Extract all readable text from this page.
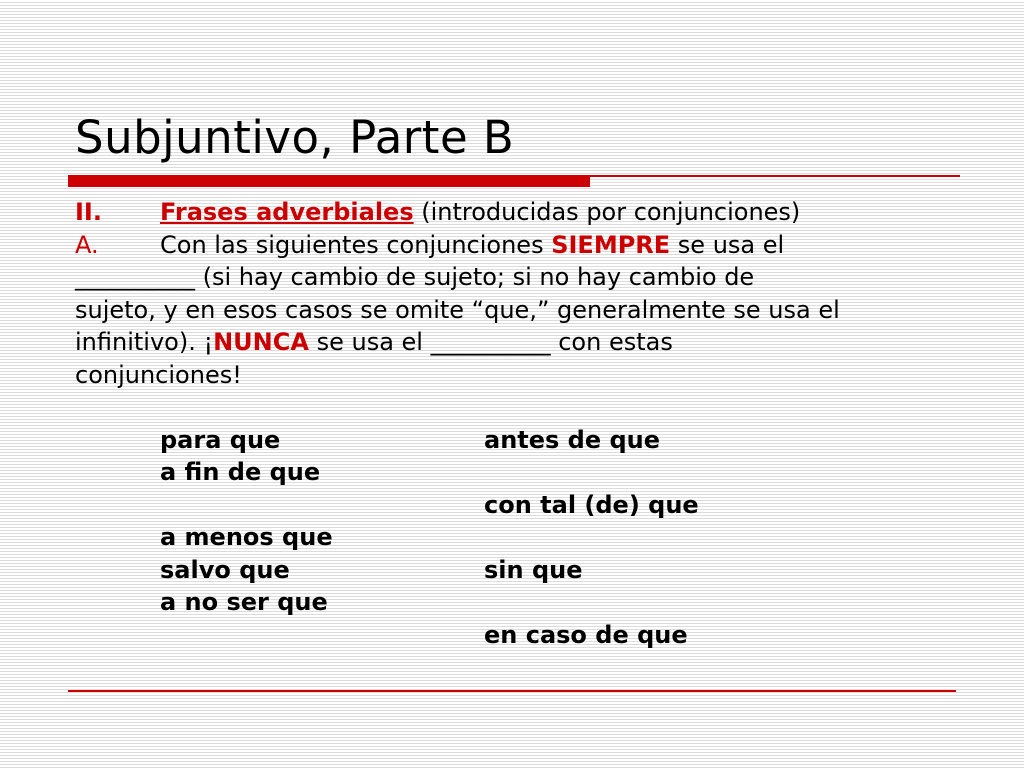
Subjuntivo, Parte B
II. Frases adverbiales (introducidas por conjunciones)
A.	Con las siguientes conjunciones SIEMPRE se usa el
__________ (si hay cambio de sujeto; si no hay cambio de
sujeto, y en esos casos se omite “que,” generalmente se usa el
infinitivo). ¡NUNCA se usa el __________ con estas
conjunciones!
para que
a fin de que
a menos que
salvo que
a no ser que
antes de que
con tal (de) que
sin que
en caso de que
